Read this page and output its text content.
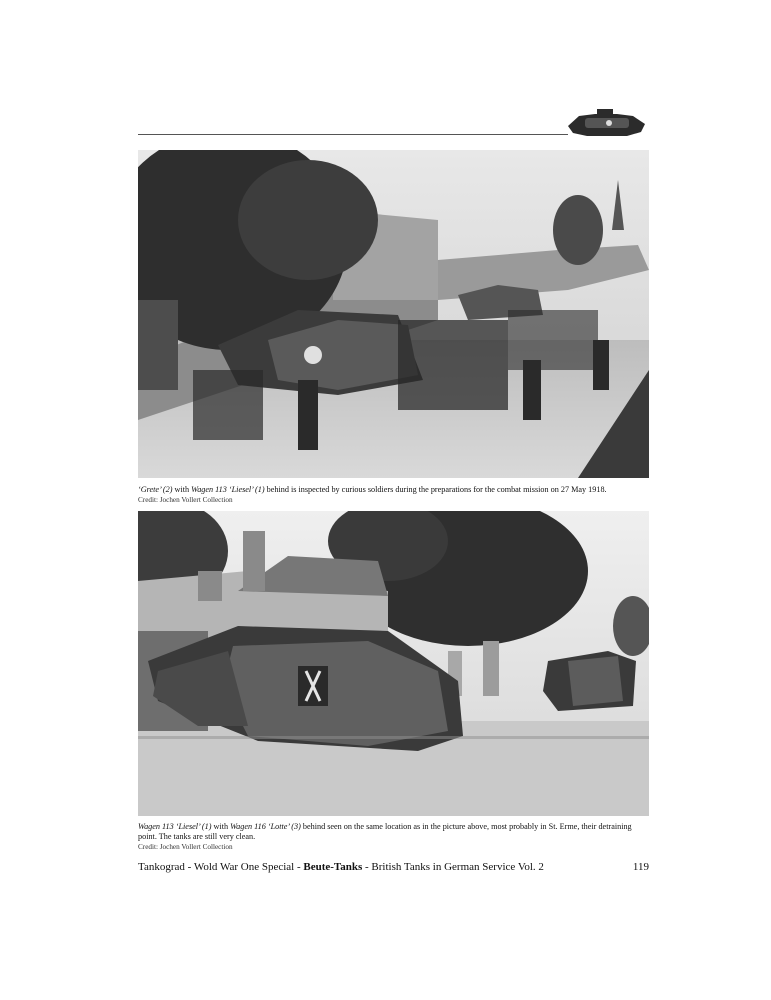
‘Grete’ (2) with Wagen 113 ‘Liesel’ (1) behind is inspected by curious soldiers during the preparations for the combat mission on 27 May 1918.
Credit: Jochen Vollert Collection
Wagen 113 ‘Liesel’ (1) with Wagen 116 ‘Lotte’ (3) behind seen on the same location as in the picture above, most probably in St. Erme, their detraining point. The tanks are still very clean.
Credit: Jochen Vollert Collection
Tankograd - Wold War One Special - Beute-Tanks - British Tanks in German Service Vol. 2	119
